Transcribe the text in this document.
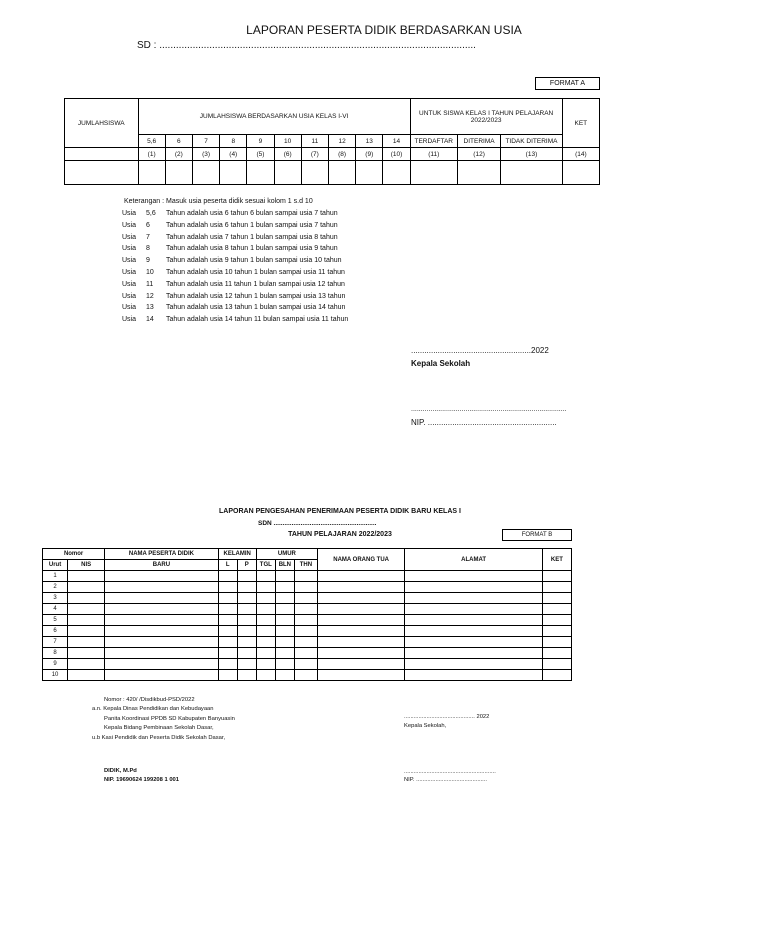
LAPORAN PESERTA DIDIK BERDASARKAN USIA
SD : ..................................................................................................................
FORMAT A
JUMLAHSISWA	JUMLAHSISWA BERDASARKAN USIA KELAS I-VI										UNTUK SISWA KELAS I TAHUN PELAJARAN 2022/2023			KET
	5,6	6	7	8	9	10	11	12	13	14	TERDAFTAR	DITERIMA	TIDAK DITERIMA	
	(1)	(2)	(3)	(4)	(5)	(6)	(7)	(8)	(9)	(10)	(11)	(12)	(13)	(14)

Keterangan : Masuk usia peserta didik sesuai kolom 1 s.d 10
Usia 5,6 Tahun adalah usia 6 tahun 6 bulan sampai usia 7 tahun
Usia 6 Tahun adalah usia 6 tahun 1 bulan sampai usia 7 tahun
Usia 7 Tahun adalah usia 7 tahun 1 bulan sampai usia 8 tahun
Usia 8 Tahun adalah usia 8 tahun 1 bulan sampai usia 9 tahun
Usia 9 Tahun adalah usia 9 tahun 1 bulan sampai usia 10 tahun
Usia 10 Tahun adalah usia 10 tahun 1 bulan sampai usia 11 tahun
Usia 11 Tahun adalah usia 11 tahun 1 bulan sampai usia 12 tahun
Usia 12 Tahun adalah usia 12 tahun 1 bulan sampai usia 13 tahun
Usia 13 Tahun adalah usia 13 tahun 1 bulan sampai usia 14 tahun
Usia 14 Tahun adalah usia 14 tahun 11 bulan sampai usia 11 tahun
......................................................2022
Kepala Sekolah
................................................................................
NIP. ..........................................................
LAPORAN PENGESAHAN PENERIMAAN PESERTA DIDIK BARU KELAS I
SDN .........................................................
TAHUN PELAJARAN 2022/2023	FORMAT B
Nomor		NAMA PESERTA DIDIK	KELAMIN		UMUR			NAMA ORANG TUA	ALAMAT	KET
Urut	NIS	BARU	L	P	TGL	BLN	THN			
1										
2										
3										
4										
5										
6										
7										
8										
9										
10										
Nomor : 420/ /Disdikbud-PSD/2022
a.n. Kepala Dinas Pendidikan dan Kebudayaan
Panita Koordinasi PPDB SD Kabupaten Banyuasin
Kepala Bidang Pembinaan Sekolah Dasar,
u.b Kasi Pendidik dan Peserta Didik Sekolah Dasar,
............................................ 2022
Kepala Sekolah,
DIDIK, M.Pd
NIP. 19690624 199208 1 001
.........................................................
NIP. ............................................
